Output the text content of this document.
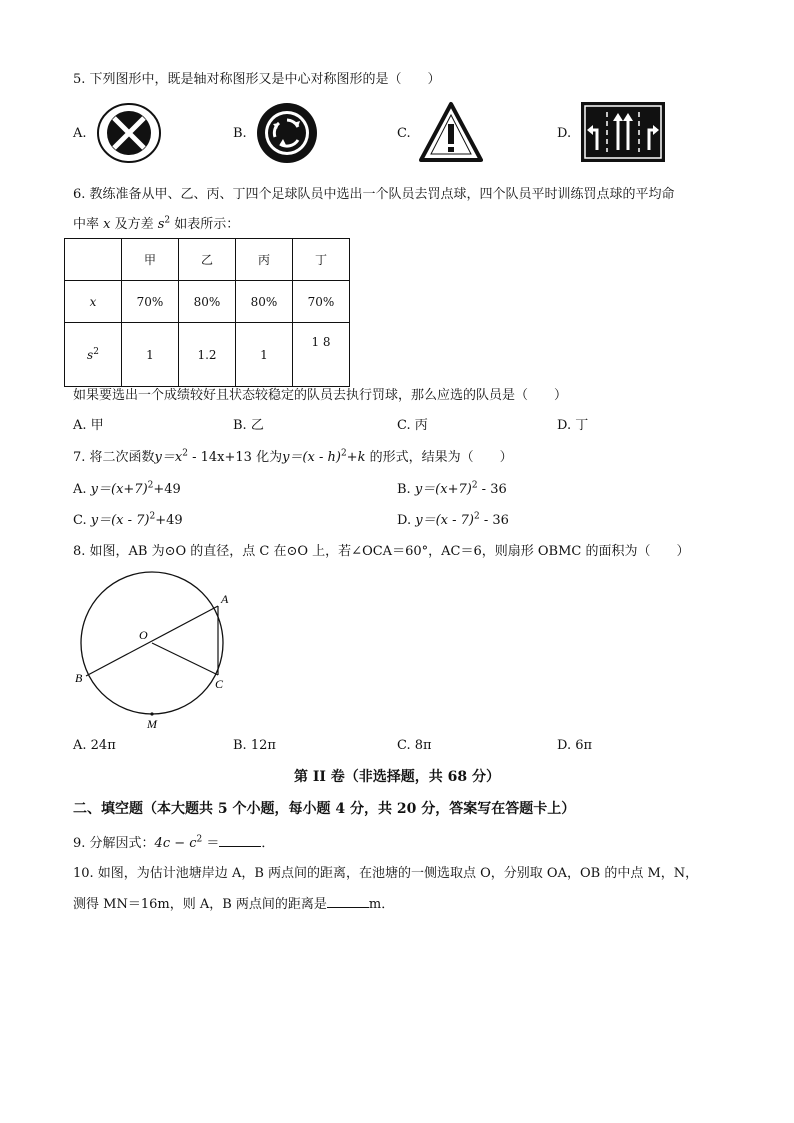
5. 下列图形中，既是轴对称图形又是中心对称图形的是（　　）
A.	B.	C.	D.
6. 教练准备从甲、乙、丙、丁四个足球队员中选出一个队员去罚点球，四个队员平时训练罚点球的平均命
中率 x 及方差 $s^2$ 如表所示：
	甲	乙	丙	丁
x	70%	80%	80%	70%
$s^2$	1	1.2	1	1 8
如果要选出一个成绩较好且状态较稳定的队员去执行罚球，那么应选的队员是（　　）
A. 甲	B. 乙	C. 丙	D. 丁
7. 将二次函数$y=x^2 - 14x+13$ 化为y＝(x - h)$^2$+k 的形式，结果为（　　）
A. $y=(x+7)^2+49$	B. $y=(x+7)^2 - 36$
C. y＝(x - 7)$^2$+49	D. y＝(x - 7)$^2$ - 36
8. 如图，AB 为⊙O 的直径，点 C 在⊙O 上，若∠OCA＝60°，AC＝6，则扇形 OBMC 的面积为（　　）
A
B	C
O
M
A. 24π	B. 12π	C. 8π	D. 6π
第 II 卷（非选择题，共 68 分）
二、填空题（本大题共 5 个小题，每小题 4 分，共 20 分，答案写在答题卡上）
9. 分解因式：$4c - c^2$ ＝	．
10. 如图，为估计池塘岸边 A，B 两点间的距离，在池塘的一侧选取点 O，分别取 OA，OB 的中点 M，N，
测得 MN＝16m，则 A，B 两点间的距离是	m．
